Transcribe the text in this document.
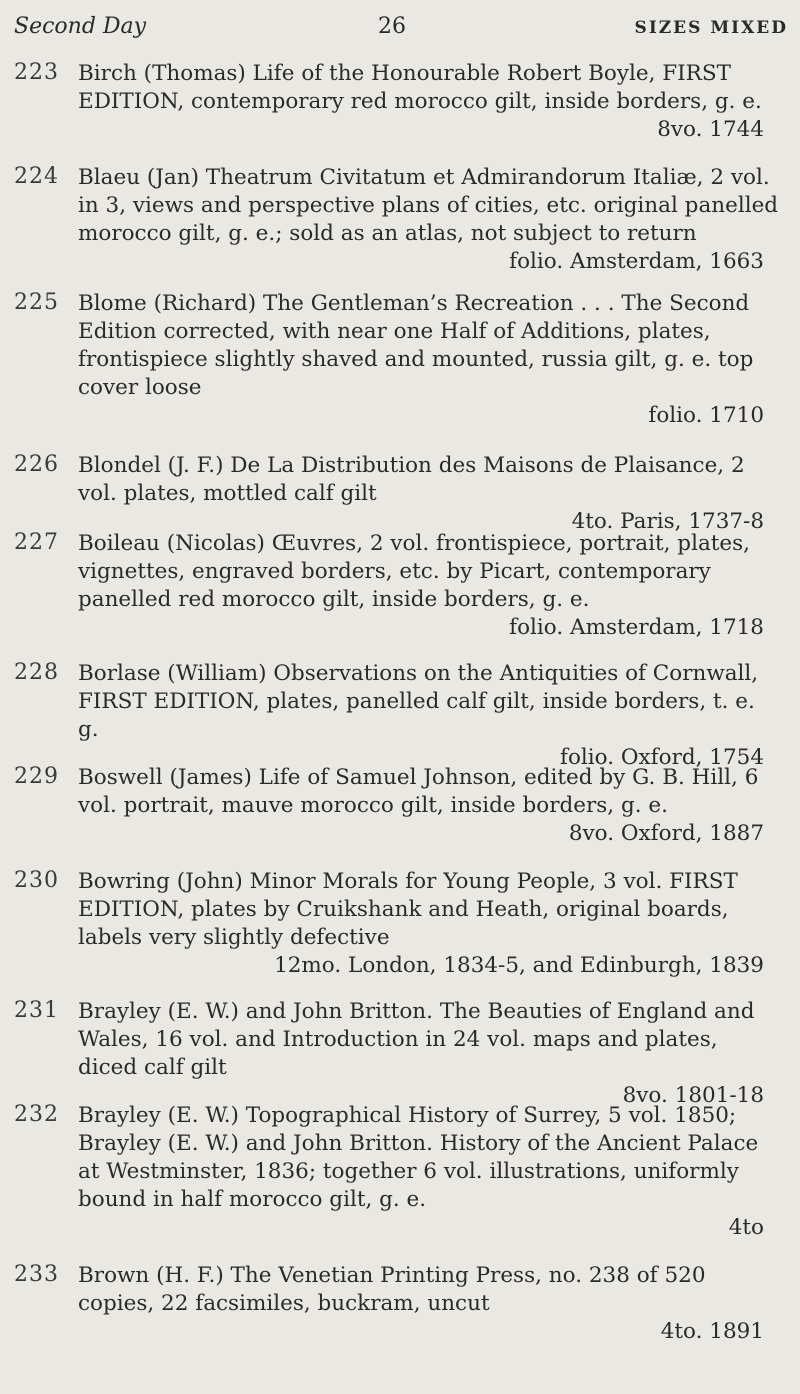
Second Day	26	SIZES MIXED
223 Birch (Thomas) Life of the Honourable Robert Boyle, FIRST EDITION, contemporary red morocco gilt, inside borders, g. e.
8vo. 1744
224 Blaeu (Jan) Theatrum Civitatum et Admirandorum Italiæ, 2 vol. in 3, views and perspective plans of cities, etc. original panelled morocco gilt, g. e.; sold as an atlas, not subject to return
folio. Amsterdam, 1663
225 Blome (Richard) The Gentleman’s Recreation . . . The Second Edition corrected, with near one Half of Additions, plates, frontispiece slightly shaved and mounted, russia gilt, g. e. top cover loose
folio. 1710
226 Blondel (J. F.) De La Distribution des Maisons de Plaisance, 2 vol. plates, mottled calf gilt
4to. Paris, 1737-8
227 Boileau (Nicolas) Œuvres, 2 vol. frontispiece, portrait, plates, vignettes, engraved borders, etc. by Picart, contemporary panelled red morocco gilt, inside borders, g. e.
folio. Amsterdam, 1718
228 Borlase (William) Observations on the Antiquities of Cornwall, FIRST EDITION, plates, panelled calf gilt, inside borders, t. e. g.
folio. Oxford, 1754
229 Boswell (James) Life of Samuel Johnson, edited by G. B. Hill, 6 vol. portrait, mauve morocco gilt, inside borders, g. e.
8vo. Oxford, 1887
230 Bowring (John) Minor Morals for Young People, 3 vol. FIRST EDITION, plates by Cruikshank and Heath, original boards, labels very slightly defective
12mo. London, 1834-5, and Edinburgh, 1839
231 Brayley (E. W.) and John Britton. The Beauties of England and Wales, 16 vol. and Introduction in 24 vol. maps and plates, diced calf gilt
8vo. 1801-18
232 Brayley (E. W.) Topographical History of Surrey, 5 vol. 1850; Brayley (E. W.) and John Britton. History of the Ancient Palace at Westminster, 1836; together 6 vol. illustrations, uniformly bound in half morocco gilt, g. e.
4to
233 Brown (H. F.) The Venetian Printing Press, no. 238 of 520 copies, 22 facsimiles, buckram, uncut
4to. 1891
